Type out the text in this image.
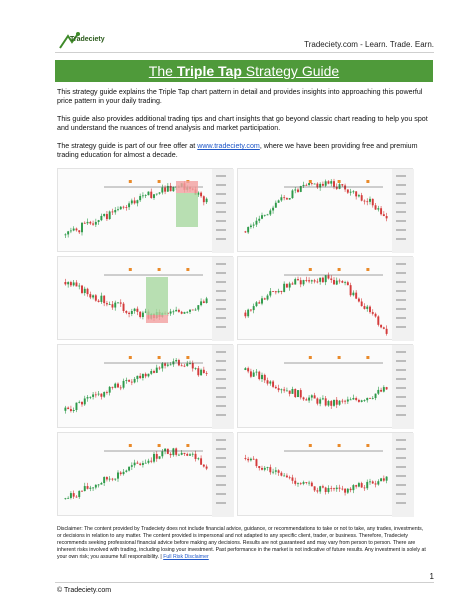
Tradeciety
Tradeciety.com - Learn. Trade. Earn.
The Triple Tap Strategy Guide
This strategy guide explains the Triple Tap chart pattern in detail and provides insights into approaching this powerful price pattern in your daily trading.
This guide also provides additional trading tips and chart insights that go beyond classic chart reading to help you spot and understand the nuances of trend analysis and market participation.
The strategy guide is part of our free offer at www.tradeciety.com, where we have been providing free and premium trading education for almost a decade.
Disclaimer: The content provided by Tradeciety does not include financial advice, guidance, or recommendations to take or not to take, any trades, investments, or decisions in relation to any matter. The content provided is impersonal and not adapted to any specific client, trader, or business. Therefore, Tradeciety recommends seeking professional financial advice before making any decisions. Results are not guaranteed and may vary from person to person. There are inherent risks involved with trading, including losing your investment. Past performance in the market is not indicative of future results. Any investment is solely at your own risk; you assume full responsibility. | Full Risk Disclaimer
1
© Tradeciety.com
